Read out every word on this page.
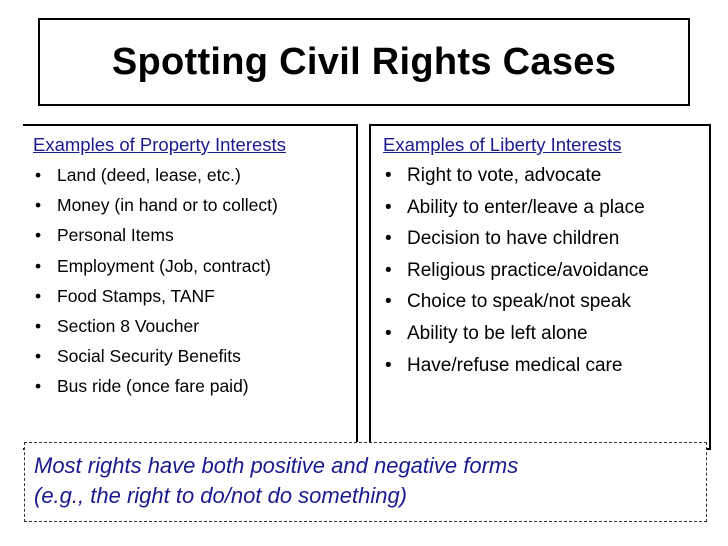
Spotting Civil Rights Cases
Examples of Property Interests
• Land (deed, lease, etc.)
• Money (in hand or to collect)
• Personal Items
• Employment (Job, contract)
• Food Stamps, TANF
• Section 8 Voucher
• Social Security Benefits
• Bus ride (once fare paid)
Examples of Liberty Interests
• Right to vote, advocate
• Ability to enter/leave a place
• Decision to have children
• Religious practice/avoidance
• Choice to speak/not speak
• Ability to be left alone
• Have/refuse medical care
Most rights have both positive and negative forms
(e.g., the right to do/not do something)
